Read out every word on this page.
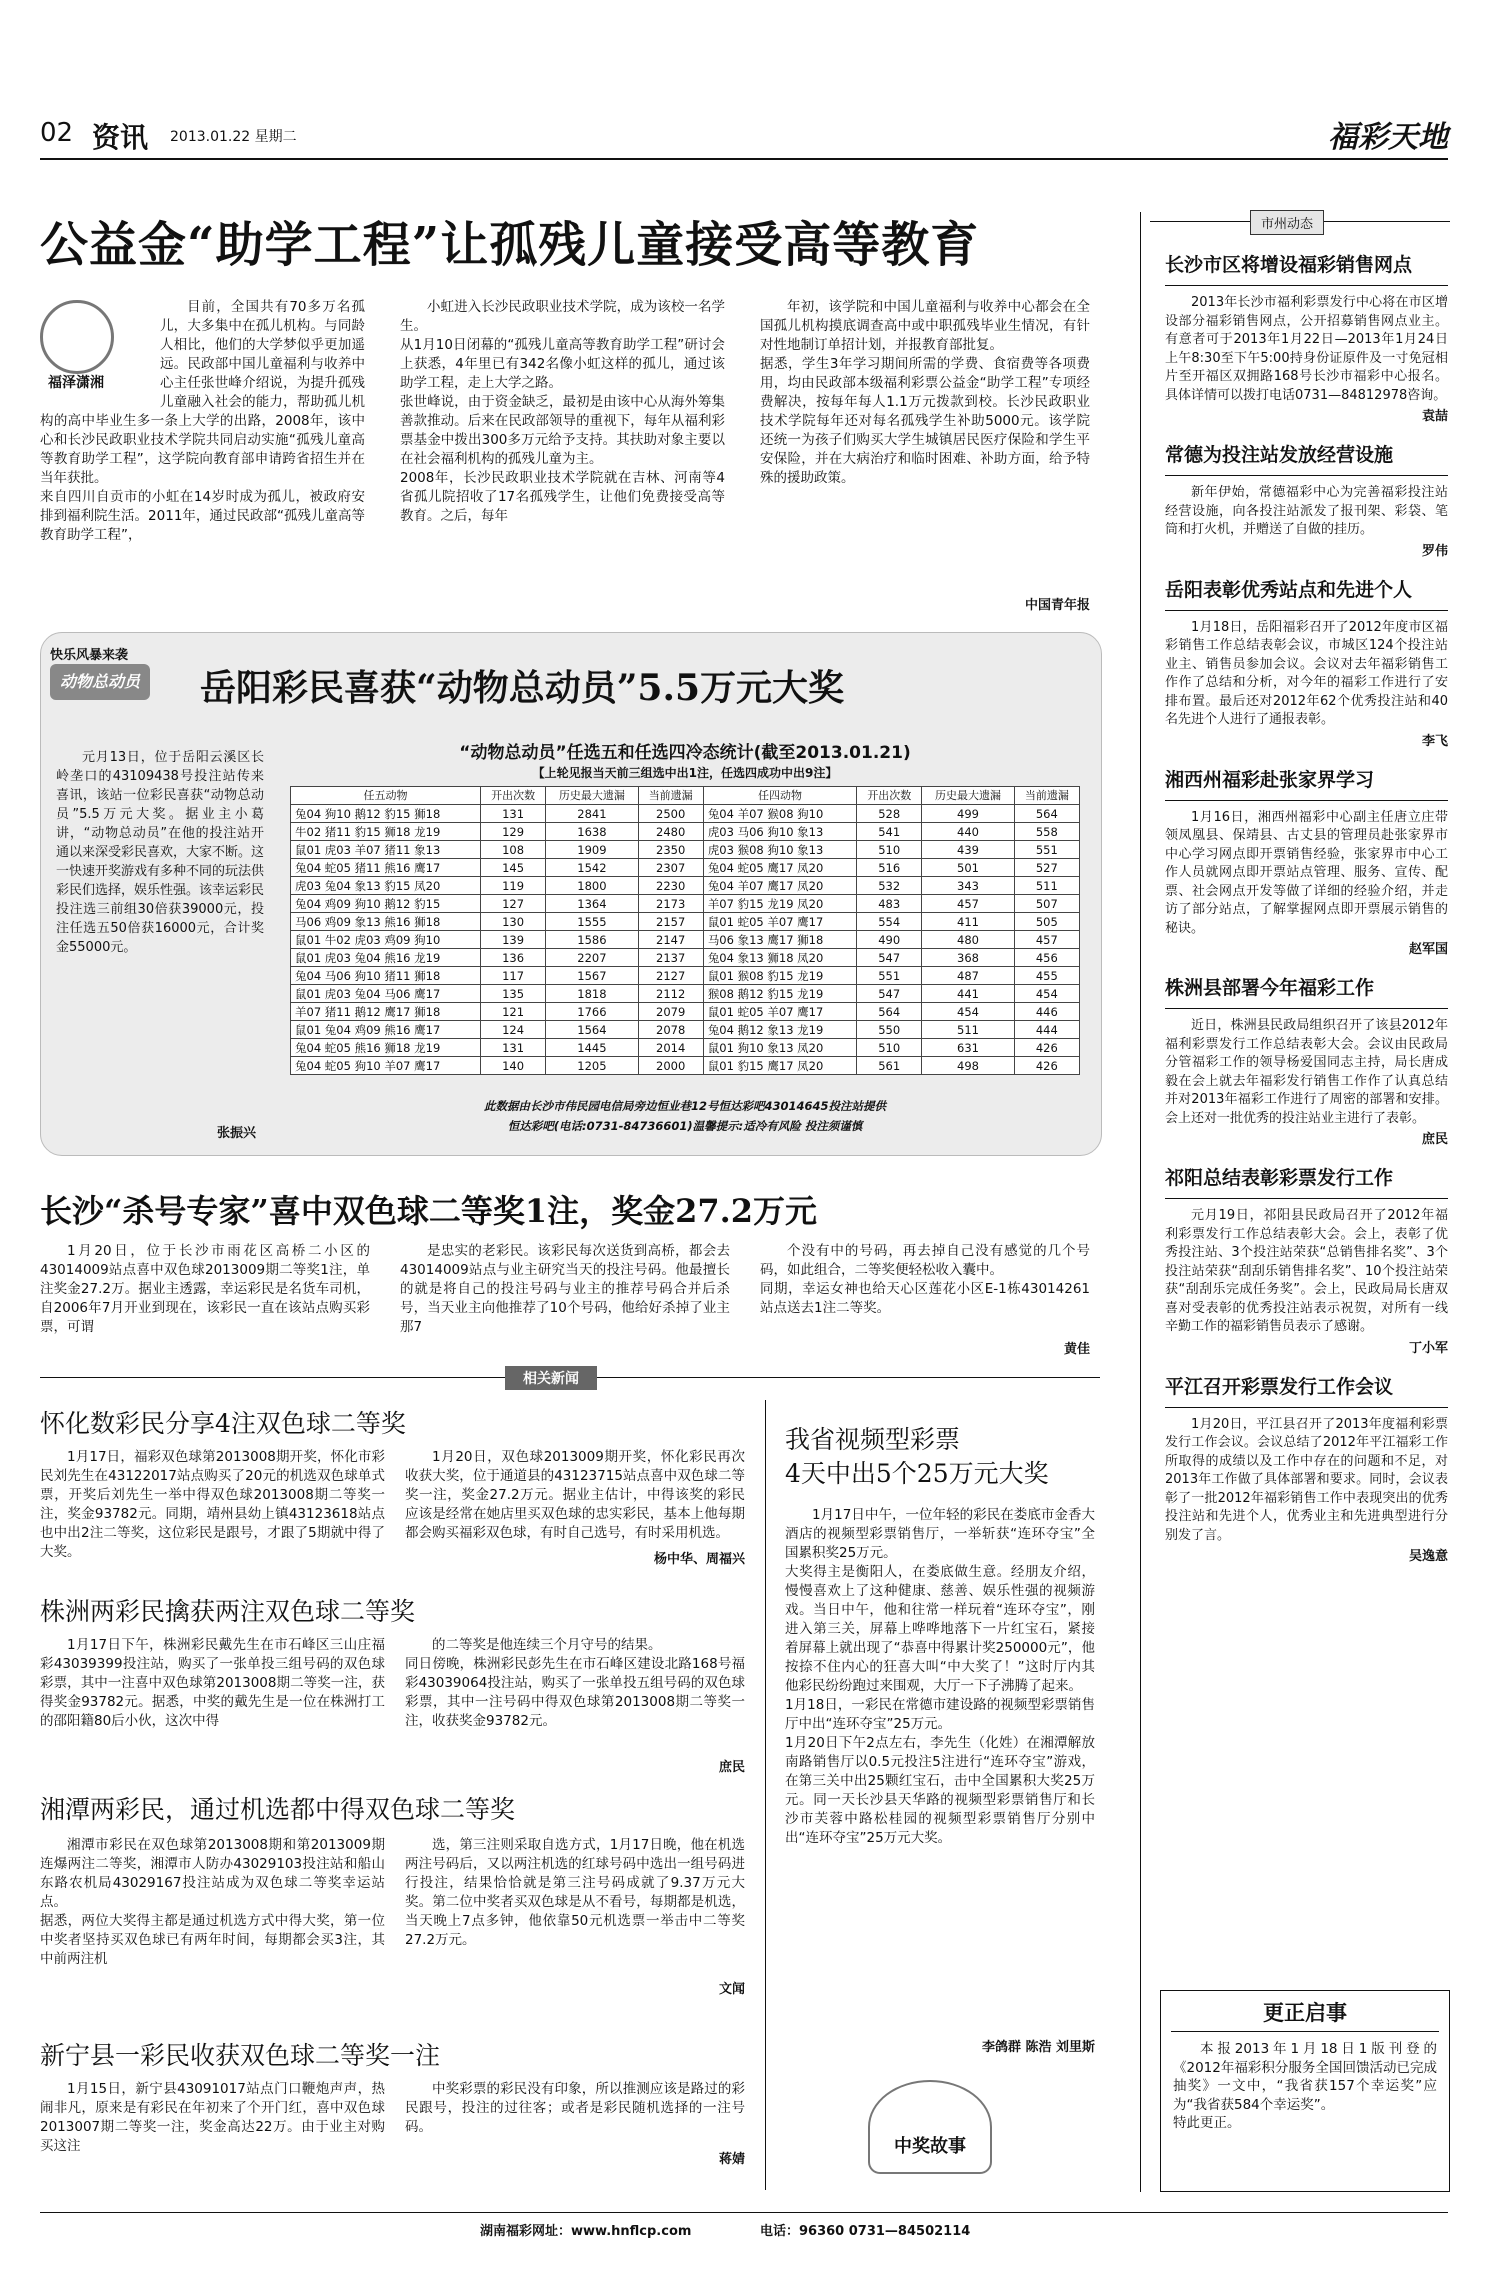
02 资讯 2013.01.22 星期二	福彩天地
公益金“助学工程”让孤残儿童接受高等教育
福泽潇湘

目前，全国共有70多万名孤儿，大多集中在孤儿机构。与同龄人相比，他们的大学梦似乎更加遥远。民政部中国儿童福利与收养中心主任张世峰介绍说，为提升孤残儿童融入社会的能力，帮助孤儿机构的高中毕业生多一条上大学的出路，2008年，该中心和长沙民政职业技术学院共同启动实施“孤残儿童高等教育助学工程”，这学院向教育部申请跨省招生并在当年获批。
来自四川自贡市的小虹在14岁时成为孤儿，被政府安排到福利院生活。2011年，通过民政部“孤残儿童高等教育助学工程”，

小虹进入长沙民政职业技术学院，成为该校一名学生。
从1月10日闭幕的“孤残儿童高等教育助学工程”研讨会上获悉，4年里已有342名像小虹这样的孤儿，通过该助学工程，走上大学之路。
张世峰说，由于资金缺乏，最初是由该中心从海外筹集善款推动。后来在民政部领导的重视下，每年从福利彩票基金中拨出300多万元给予支持。其扶助对象主要以在社会福利机构的孤残儿童为主。
2008年，长沙民政职业技术学院就在吉林、河南等4省孤儿院招收了17名孤残学生，让他们免费接受高等教育。之后，每年

年初，该学院和中国儿童福利与收养中心都会在全国孤儿机构摸底调查高中或中职孤残毕业生情况，有针对性地制订单招计划，并报教育部批复。
据悉，学生3年学习期间所需的学费、食宿费等各项费用，均由民政部本级福利彩票公益金“助学工程”专项经费解决，按每年每人1.1万元拨款到校。长沙民政职业技术学院每年还对每名孤残学生补助5000元。该学院还统一为孩子们购买大学生城镇居民医疗保险和学生平安保险，并在大病治疗和临时困难、补助方面，给予特殊的援助政策。

中国青年报
快乐风暴来袭
动物总动员 岳阳彩民喜获“动物总动员”5.5万元大奖

元月13日，位于岳阳云溪区长岭垄口的43109438号投注站传来喜讯，该站一位彩民喜获“动物总动员”5.5万元大奖。据业主小葛讲，“动物总动员”在他的投注站开通以来深受彩民喜欢，大家不断。这一快速开奖游戏有多种不同的玩法供彩民们选择，娱乐性强。该幸运彩民投注选三前组30倍获39000元，投注任选五50倍获16000元，合计奖金55000元。

张振兴
“动物总动员”任选五和任选四冷态统计(截至2013.01.21)
【上轮见报当天前三组选中出1注，任选四成功中出9注】
任五动物	开出次数	历史最大遗漏	当前遗漏	任四动物	开出次数	历史最大遗漏	当前遗漏
兔04 狗10 鹅12 豹15 狮18	131	2841	2500	兔04 羊07 猴08 狗10	528	499	564
牛02 猪11 豹15 狮18 龙19	129	1638	2480	虎03 马06 狗10 象13	541	440	558
鼠01 虎03 羊07 猪11 象13	108	1909	2350	虎03 猴08 狗10 象13	510	439	551
兔04 蛇05 猪11 熊16 鹰17	145	1542	2307	兔04 蛇05 鹰17 凤20	516	501	527
虎03 兔04 象13 豹15 凤20	119	1800	2230	兔04 羊07 鹰17 凤20	532	343	511
兔04 鸡09 狗10 鹅12 豹15	127	1364	2173	羊07 豹15 龙19 凤20	483	457	507
马06 鸡09 象13 熊16 狮18	130	1555	2157	鼠01 蛇05 羊07 鹰17	554	411	505
鼠01 牛02 虎03 鸡09 狗10	139	1586	2147	马06 象13 鹰17 狮18	490	480	457
鼠01 虎03 兔04 熊16 龙19	136	2207	2137	兔04 象13 狮18 凤20	547	368	456
兔04 马06 狗10 猪11 狮18	117	1567	2127	鼠01 猴08 豹15 龙19	551	487	455
鼠01 虎03 兔04 马06 鹰17	135	1818	2112	猴08 鹅12 豹15 龙19	547	441	454
羊07 猪11 鹅12 鹰17 狮18	121	1766	2079	鼠01 蛇05 羊07 鹰17	564	454	446
鼠01 兔04 鸡09 熊16 鹰17	124	1564	2078	兔04 鹅12 象13 龙19	550	511	444
兔04 蛇05 熊16 狮18 龙19	131	1445	2014	鼠01 狗10 象13 凤20	510	631	426
兔04 蛇05 狗10 羊07 鹰17	140	1205	2000	鼠01 豹15 鹰17 凤20	561	498	426
此数据由长沙市伟民园电信局旁边恒业巷12号恒达彩吧43014645投注站提供
恒达彩吧(电话:0731-84736601)温馨提示:适冷有风险 投注须谨慎
长沙“杀号专家”喜中双色球二等奖1注，奖金27.2万元

1月20日，位于长沙市雨花区高桥二小区的43014009站点喜中双色球2013009期二等奖1注，单注奖金27.2万。据业主透露，幸运彩民是名货车司机，自2006年7月开业到现在，该彩民一直在该站点购买彩票，可谓

是忠实的老彩民。该彩民每次送货到高桥，都会去43014009站点与业主研究当天的投注号码。他最擅长的就是将自己的投注号码与业主的推荐号码合并后杀号，当天业主向他推荐了10个号码，他给好杀掉了业主那7

个没有中的号码，再去掉自己没有感觉的几个号码，如此组合，二等奖便轻松收入囊中。
同期，幸运女神也给天心区莲花小区E-1栋43014261站点送去1注二等奖。

黄佳
相关新闻
怀化数彩民分享4注双色球二等奖

1月17日，福彩双色球第2013008期开奖，怀化市彩民刘先生在43122017站点购买了20元的机选双色球单式票，开奖后刘先生一举中得双色球2013008期二等奖一注，奖金93782元。同期，靖州县幼上镇43123618站点也中出2注二等奖，这位彩民是跟号，才跟了5期就中得了大奖。

1月20日，双色球2013009期开奖，怀化彩民再次收获大奖，位于通道县的43123715站点喜中双色球二等奖一注，奖金27.2万元。据业主估计，中得该奖的彩民应该是经常在她店里买双色球的忠实彩民，基本上他每期都会购买福彩双色球，有时自己选号，有时采用机选。

杨中华、周福兴
株洲两彩民擒获两注双色球二等奖

1月17日下午，株洲彩民戴先生在市石峰区三山庄福彩43039399投注站，购买了一张单投三组号码的双色球彩票，其中一注喜中双色球第2013008期二等奖一注，获得奖金93782元。据悉，中奖的戴先生是一位在株洲打工的邵阳籍80后小伙，这次中得

的二等奖是他连续三个月守号的结果。
同日傍晚，株洲彩民彭先生在市石峰区建设北路168号福彩43039064投注站，购买了一张单投五组号码的双色球彩票，其中一注号码中得双色球第2013008期二等奖一注，收获奖金93782元。

庶民
湘潭两彩民，通过机选都中得双色球二等奖

湘潭市彩民在双色球第2013008期和第2013009期连爆两注二等奖，湘潭市人防办43029103投注站和船山东路农机局43029167投注站成为双色球二等奖幸运站点。
据悉，两位大奖得主都是通过机选方式中得大奖，第一位中奖者坚持买双色球已有两年时间，每期都会买3注，其中前两注机

选，第三注则采取自选方式，1月17日晚，他在机选两注号码后，又以两注机选的红球号码中选出一组号码进行投注，结果恰恰就是第三注号码成就了9.37万元大奖。第二位中奖者买双色球是从不看号，每期都是机选，当天晚上7点多钟，他依靠50元机选票一举击中二等奖27.2万元。

文闻
新宁县一彩民收获双色球二等奖一注

1月15日，新宁县43091017站点门口鞭炮声声，热闹非凡，原来是有彩民在年初来了个开门红，喜中双色球2013007期二等奖一注，奖金高达22万。由于业主对购买这注

中奖彩票的彩民没有印象，所以推测应该是路过的彩民跟号，投注的过往客；或者是彩民随机选择的一注号码。

蒋婧
我省视频型彩票
4天中出5个25万元大奖

1月17日中午，一位年轻的彩民在娄底市金香大酒店的视频型彩票销售厅，一举斩获“连环夺宝”全国累积奖25万元。
大奖得主是衡阳人，在娄底做生意。经朋友介绍，慢慢喜欢上了这种健康、慈善、娱乐性强的视频游戏。当日中午，他和往常一样玩着“连环夺宝”，刚进入第三关，屏幕上哗哗地落下一片红宝石，紧接着屏幕上就出现了“恭喜中得累计奖250000元”，他按捺不住内心的狂喜大叫“中大奖了！”这时厅内其他彩民纷纷跑过来围观，大厅一下子沸腾了起来。
1月18日，一彩民在常德市建设路的视频型彩票销售厅中出“连环夺宝”25万元。
1月20日下午2点左右，李先生（化姓）在湘潭解放南路销售厅以0.5元投注5注进行“连环夺宝”游戏，在第三关中出25颗红宝石，击中全国累积大奖25万元。同一天长沙县天华路的视频型彩票销售厅和长沙市芙蓉中路松桂园的视频型彩票销售厅分别中出“连环夺宝”25万元大奖。

李鸽群 陈浩 刘里斯
中奖故事
市州动态

长沙市区将增设福彩销售网点

2013年长沙市福利彩票发行中心将在市区增设部分福彩销售网点，公开招募销售网点业主。有意者可于2013年1月22日—2013年1月24日上午8:30至下午5:00持身份证原件及一寸免冠相片至开福区双拥路168号长沙市福彩中心报名。具体详情可以拨打电话0731—84812978咨询。

袁喆

常德为投注站发放经营设施

新年伊始，常德福彩中心为完善福彩投注站经营设施，向各投注站派发了报刊架、彩袋、笔筒和打火机，并赠送了自做的挂历。

罗伟

岳阳表彰优秀站点和先进个人

1月18日，岳阳福彩召开了2012年度市区福彩销售工作总结表彰会议，市城区124个投注站业主、销售员参加会议。会议对去年福彩销售工作作了总结和分析，对今年的福彩工作进行了安排布置。最后还对2012年62个优秀投注站和40名先进个人进行了通报表彰。

李飞

湘西州福彩赴张家界学习

1月16日，湘西州福彩中心副主任唐立庄带领凤凰县、保靖县、古丈县的管理员赴张家界市中心学习网点即开票销售经验，张家界市中心工作人员就网点即开票站点管理、服务、宣传、配票、社会网点开发等做了详细的经验介绍，并走访了部分站点，了解掌握网点即开票展示销售的秘诀。

赵军国

株洲县部署今年福彩工作

近日，株洲县民政局组织召开了该县2012年福利彩票发行工作总结表彰大会。会议由民政局分管福彩工作的领导杨爱国同志主持，局长唐成毅在会上就去年福彩发行销售工作作了认真总结并对2013年福彩工作进行了周密的部署和安排。会上还对一批优秀的投注站业主进行了表彰。

庶民

祁阳总结表彰彩票发行工作

元月19日，祁阳县民政局召开了2012年福利彩票发行工作总结表彰大会。会上，表彰了优秀投注站、3个投注站荣获“总销售排名奖”、3个投注站荣获“刮刮乐销售排名奖”、10个投注站荣获“刮刮乐完成任务奖”。会上，民政局局长唐双喜对受表彰的优秀投注站表示祝贺，对所有一线辛勤工作的福彩销售员表示了感谢。

丁小军

平江召开彩票发行工作会议

1月20日，平江县召开了2013年度福利彩票发行工作会议。会议总结了2012年平江福彩工作所取得的成绩以及工作中存在的问题和不足，对2013年工作做了具体部署和要求。同时，会议表彰了一批2012年福彩销售工作中表现突出的优秀投注站和先进个人，优秀业主和先进典型进行分别发了言。

吴逸意

更正启事

本报2013年1月18日1版刊登的《2012年福彩积分服务全国回馈活动已完成抽奖》一文中，“我省获157个幸运奖”应为“我省获584个幸运奖”。
特此更正。

湖南福彩网址：www.hnflcp.com	电话：96360 0731—84502114
